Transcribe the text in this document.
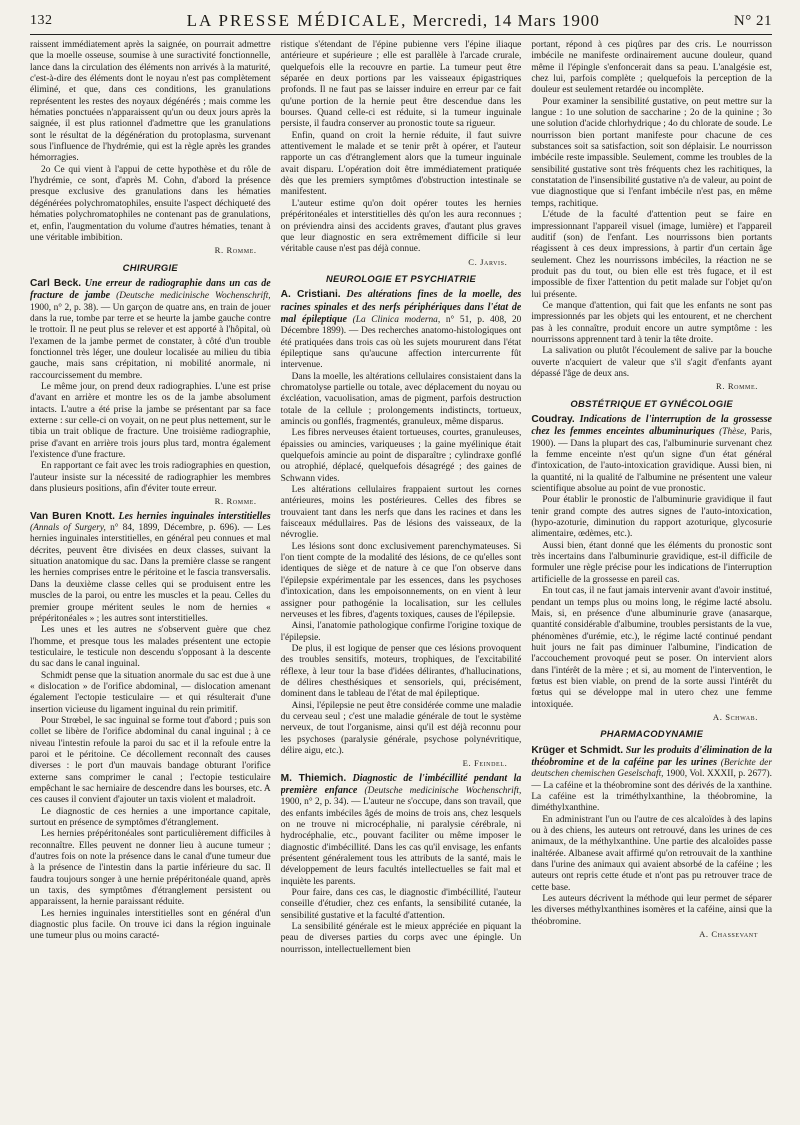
132	LA PRESSE MÉDICALE, Mercredi, 14 Mars 1900	N° 21

raissent immédiatement après la saignée, on pourrait admettre que la moelle osseuse, soumise à une suractivité fonctionnelle, lance dans la circulation des éléments non arrivés à la maturité, c'est-à-dire des éléments dont le noyau n'est pas complètement éliminé, et que, dans ces conditions, les granulations représentent les restes des noyaux dégénérés ; mais comme les hématies ponctuées n'apparaissent qu'un ou deux jours après la saignée, il est plus rationnel d'admettre que les granulations sont le résultat de la dégénération du protoplasma, survenant sous l'influence de l'hydrémie, qui est la règle après les grandes hémorragies.

2o Ce qui vient à l'appui de cette hypothèse et du rôle de l'hydrémie, ce sont, d'après M. Cohn, d'abord la présence presque exclusive des granulations dans les hématies dégénérées polychromatophiles, ensuite l'aspect déchiqueté des hématies polychromatophiles ne contenant pas de granulations, et, enfin, l'augmentation du volume d'autres hématies, tenant à une véritable imbibition.

R. Romme.
CHIRURGIE

Carl Beck. Une erreur de radiographie dans un cas de fracture de jambe (Deutsche medicinische Wochenschrift, 1900, n° 2, p. 38). — Un garçon de quatre ans, en train de jouer dans la rue, tombe par terre et se heurte la jambe gauche contre le trottoir. Il ne peut plus se relever et est apporté à l'hôpital, où l'examen de la jambe permet de constater, à côté d'un trouble fonctionnel très léger, une douleur localisée au milieu du tibia gauche, mais sans crépitation, ni mobilité anormale, ni raccourcissement du membre.

Le même jour, on prend deux radiographies. L'une est prise d'avant en arrière et montre les os de la jambe absolument intacts. L'autre a été prise la jambe se présentant par sa face externe : sur celle-ci on voyait, on ne peut plus nettement, sur le tibia un trait oblique de fracture. Une troisième radiographie, prise d'avant en arrière trois jours plus tard, montra également l'existence d'une fracture.

En rapportant ce fait avec les trois radiographies en question, l'auteur insiste sur la nécessité de radiographier les membres dans plusieurs positions, afin d'éviter toute erreur.

R. Romme.

Van Buren Knott. Les hernies inguinales interstitielles (Annals of Surgery, n° 84, 1899, Décembre, p. 696). — Les hernies inguinales interstitielles, en général peu connues et mal décrites, peuvent être divisées en deux classes, suivant la situation anatomique du sac. Dans la première classe se rangent les hernies comprises entre le péritoine et le fascia transversalis. Dans la deuxième classe celles qui se produisent entre les muscles de la paroi, ou entre les muscles et la peau. Celles du premier groupe méritent seules le nom de hernies « prépéritonéales » ; les autres sont interstitielles.

Les unes et les autres ne s'observent guère que chez l'homme, et presque tous les malades présentent une ectopie testiculaire, le testicule non descendu s'opposant à la descente du sac dans le canal inguinal.

Schmidt pense que la situation anormale du sac est due à une « dislocation » de l'orifice abdominal, — dislocation amenant également l'ectopie testiculaire — et qui résulterait d'une insertion vicieuse du ligament inguinal du rein primitif.

Pour Strœbel, le sac inguinal se forme tout d'abord ; puis son collet se libère de l'orifice abdominal du canal inguinal ; à ce niveau l'intestin refoule la paroi du sac et il la refoule entre la paroi et le péritoine. Ce décollement reconnaît des causes diverses : le port d'un mauvais bandage obturant l'orifice externe sans comprimer le canal ; l'ectopie testiculaire empêchant le sac herniaire de descendre dans les bourses, etc. A ces causes il convient d'ajouter un taxis violent et maladroit.

Le diagnostic de ces hernies a une importance capitale, surtout en présence de symptômes d'étranglement.

Les hernies prépéritonéales sont particulièrement difficiles à reconnaître. Elles peuvent ne donner lieu à aucune tumeur ; d'autres fois on note la présence dans le canal d'une tumeur due à la présence de l'intestin dans la partie inférieure du sac. Il faudra toujours songer à une hernie prépéritonéale quand, après un taxis, des symptômes d'étranglement persistent ou apparaissent, la hernie paraissant réduite.

Les hernies inguinales interstitielles sont en général d'un diagnostic plus facile. On trouve ici dans la région inguinale une tumeur plus ou moins caracté-

ristique s'étendant de l'épine pubienne vers l'épine iliaque antérieure et supérieure ; elle est parallèle à l'arcade crurale, quelquefois elle la recouvre en partie. La tumeur peut être séparée en deux portions par les vaisseaux épigastriques profonds. Il ne faut pas se laisser induire en erreur par ce fait qu'une portion de la hernie peut être descendue dans les bourses. Quand celle-ci est réduite, si la tumeur inguinale persiste, il faudra conserver au pronostic toute sa rigueur.

Enfin, quand on croit la hernie réduite, il faut suivre attentivement le malade et se tenir prêt à opérer, et l'auteur rapporte un cas d'étranglement alors que la tumeur inguinale avait disparu. L'opération doit être immédiatement pratiquée dès que les premiers symptômes d'obstruction intestinale se manifestent.

L'auteur estime qu'on doit opérer toutes les hernies prépéritonéales et interstitielles dès qu'on les aura reconnues ; on préviendra ainsi des accidents graves, d'autant plus graves que leur diagnostic en sera extrêmement difficile si leur véritable cause n'est pas déjà connue.

C. Jarvis.
NEUROLOGIE ET PSYCHIATRIE

A. Cristiani. Des altérations fines de la moelle, des racines spinales et des nerfs périphériques dans l'état de mal épileptique (La Clinica moderna, n° 51, p. 408, 20 Décembre 1899). — Des recherches anatomo-histologiques ont été pratiquées dans trois cas où les sujets moururent dans l'état épileptique sans qu'aucune affection intercurrente fût intervenue.

Dans la moelle, les altérations cellulaires consistaient dans la chromatolyse partielle ou totale, avec déplacement du noyau ou éxcléation, vacuolisation, amas de pigment, parfois destruction totale de la cellule ; prolongements indistincts, tortueux, amincis ou gonflés, fragmentés, granuleux, même disparus.

Les fibres nerveuses étaient tortueuses, courtes, granuleuses, épaissies ou amincies, variqueuses ; la gaine myélinique était quelquefois amincie au point de disparaître ; cylindraxe gonflé ou atrophié, déplacé, quelquefois désagrégé ; des gaines de Schwann vides.

Les altérations cellulaires frappaient surtout les cornes antérieures, moins les postérieures. Celles des fibres se trouvaient tant dans les nerfs que dans les racines et dans les faisceaux médullaires. Pas de lésions des vaisseaux, de la névroglie.

Les lésions sont donc exclusivement parenchymateuses. Si l'on tient compte de la modalité des lésions, de ce qu'elles sont identiques de siège et de nature à ce que l'on observe dans l'épilepsie expérimentale par les essences, dans les psychoses d'intoxication, dans les empoisonnements, on en vient à leur assigner pour pathogénie la localisation, sur les cellules nerveuses et les fibres, d'agents toxiques, causes de l'épilepsie.

Ainsi, l'anatomie pathologique confirme l'origine toxique de l'épilepsie.

De plus, il est logique de penser que ces lésions provoquent des troubles sensitifs, moteurs, trophiques, de l'excitabilité réflexe, à leur tour la base d'idées délirantes, d'hallucinations, de délires chesthésiques et sensoriels, qui, précisément, dominent dans le tableau de l'état de mal épileptique.

Ainsi, l'épilepsie ne peut être considérée comme une maladie du cerveau seul ; c'est une maladie générale de tout le système nerveux, de tout l'organisme, ainsi qu'il est déjà reconnu pour les psychoses (paralysie générale, psychose polynévritique, délire aigu, etc.).

E. Feindel.

M. Thiemich. Diagnostic de l'imbécillité pendant la première enfance (Deutsche medicinische Wochenschrift, 1900, n° 2, p. 34). — L'auteur ne s'occupe, dans son travail, que des enfants imbéciles âgés de moins de trois ans, chez lesquels on ne trouve ni microcéphalie, ni paralysie cérébrale, ni hydrocéphalie, etc., pouvant faciliter ou même imposer le diagnostic d'imbécillité. Dans les cas qu'il envisage, les enfants présentent généralement tous les attributs de la santé, mais le développement de leurs facultés intellectuelles se fait mal et inquiète les parents.

Pour faire, dans ces cas, le diagnostic d'imbécillité, l'auteur conseille d'étudier, chez ces enfants, la sensibilité cutanée, la sensibilité gustative et la faculté d'attention.

La sensibilité générale est le mieux appréciée en piquant la peau de diverses parties du corps avec une épingle. Un nourrisson, intellectuellement bien

portant, répond à ces piqûres par des cris. Le nourrisson imbécile ne manifeste ordinairement aucune douleur, quand même il l'épingle s'enfoncerait dans sa peau. L'analgésie est, chez lui, parfois complète ; quelquefois la perception de la douleur est seulement retardée ou incomplète.

Pour examiner la sensibilité gustative, on peut mettre sur la langue : 1o une solution de saccharine ; 2o de la quinine ; 3o une solution d'acide chlorhydrique ; 4o du chlorate de soude. Le nourrisson bien portant manifeste pour chacune de ces substances soit sa satisfaction, soit son déplaisir. Le nourrisson imbécile reste impassible. Seulement, comme les troubles de la sensibilité gustative sont très fréquents chez les rachitiques, la constatation de l'insensibilité gustative n'a de valeur, au point de vue diagnostique que si l'enfant imbécile n'est pas, en même temps, rachitique.

L'étude de la faculté d'attention peut se faire en impressionnant l'appareil visuel (image, lumière) et l'appareil auditif (son) de l'enfant. Les nourrissons bien portants réagissent à ces deux impressions, à partir d'un certain âge seulement. Chez les nourrissons imbéciles, la réaction ne se produit pas du tout, ou bien elle est très fugace, et il est impossible de fixer l'attention du petit malade sur l'objet qu'on lui présente.

Ce manque d'attention, qui fait que les enfants ne sont pas impressionnés par les objets qui les entourent, et ne cherchent pas à les connaître, produit encore un autre symptôme : les nourrissons apprennent tard à tenir la tête droite.

La salivation ou plutôt l'écoulement de salive par la bouche ouverte n'acquiert de valeur que s'il s'agit d'enfants ayant dépassé l'âge de deux ans.

R. Romme.
OBSTÉTRIQUE ET GYNÉCOLOGIE

Coudray. Indications de l'interruption de la grossesse chez les femmes enceintes albuminuriques (Thèse, Paris, 1900). — Dans la plupart des cas, l'albuminurie survenant chez la femme enceinte n'est qu'un signe d'un état général d'intoxication, de l'auto-intoxication gravidique. Aussi bien, ni la quantité, ni la qualité de l'albumine ne présentent une valeur scientifique absolue au point de vue pronostic.

Pour établir le pronostic de l'albuminurie gravidique il faut tenir grand compte des autres signes de l'auto-intoxication, (hypo-azoturie, diminution du rapport azoturique, glycosurie alimentaire, œdèmes, etc.).

Aussi bien, étant donné que les éléments du pronostic sont très incertains dans l'albuminurie gravidique, est-il difficile de formuler une règle précise pour les indications de l'interruption artificielle de la grossesse en pareil cas.

En tout cas, il ne faut jamais intervenir avant d'avoir institué, pendant un temps plus ou moins long, le régime lacté absolu. Mais, si, en présence d'une albuminurie grave (anasarque, quantité considérable d'albumine, troubles persistants de la vue, phénomènes d'urémie, etc.), le régime lacté continué pendant huit jours ne fait pas diminuer l'albumine, l'indication de l'accouchement provoqué peut se poser. On intervient alors dans l'intérêt de la mère ; et si, au moment de l'intervention, le fœtus est bien viable, on prend de la sorte aussi l'intérêt du fœtus qui se développe mal in utero chez une femme intoxiquée.

A. Schwab.
PHARMACODYNAMIE

Krüger et Schmidt. Sur les produits d'élimination de la théobromine et de la caféine par les urines (Berichte der deutschen chemischen Geselschaft, 1900, Vol. XXXII, p. 2677). — La caféine et la théobromine sont des dérivés de la xanthine. La caféine est la triméthylxanthine, la théobromine, la diméthylxanthine.

En administrant l'un ou l'autre de ces alcaloïdes à des lapins ou à des chiens, les auteurs ont retrouvé, dans les urines de ces animaux, de la méthylxanthine. Une partie des alcaloïdes passe inaltérée. Albanese avait affirmé qu'on retrouvait de la xanthine dans l'urine des animaux qui avaient absorbé de la caféine ; les auteurs ont repris cette étude et n'ont pas pu retrouver trace de cette base.

Les auteurs décrivent la méthode qui leur permet de séparer les diverses méthylxanthines isomères et la caféine, ainsi que la théobromine.

A. Chassevant
